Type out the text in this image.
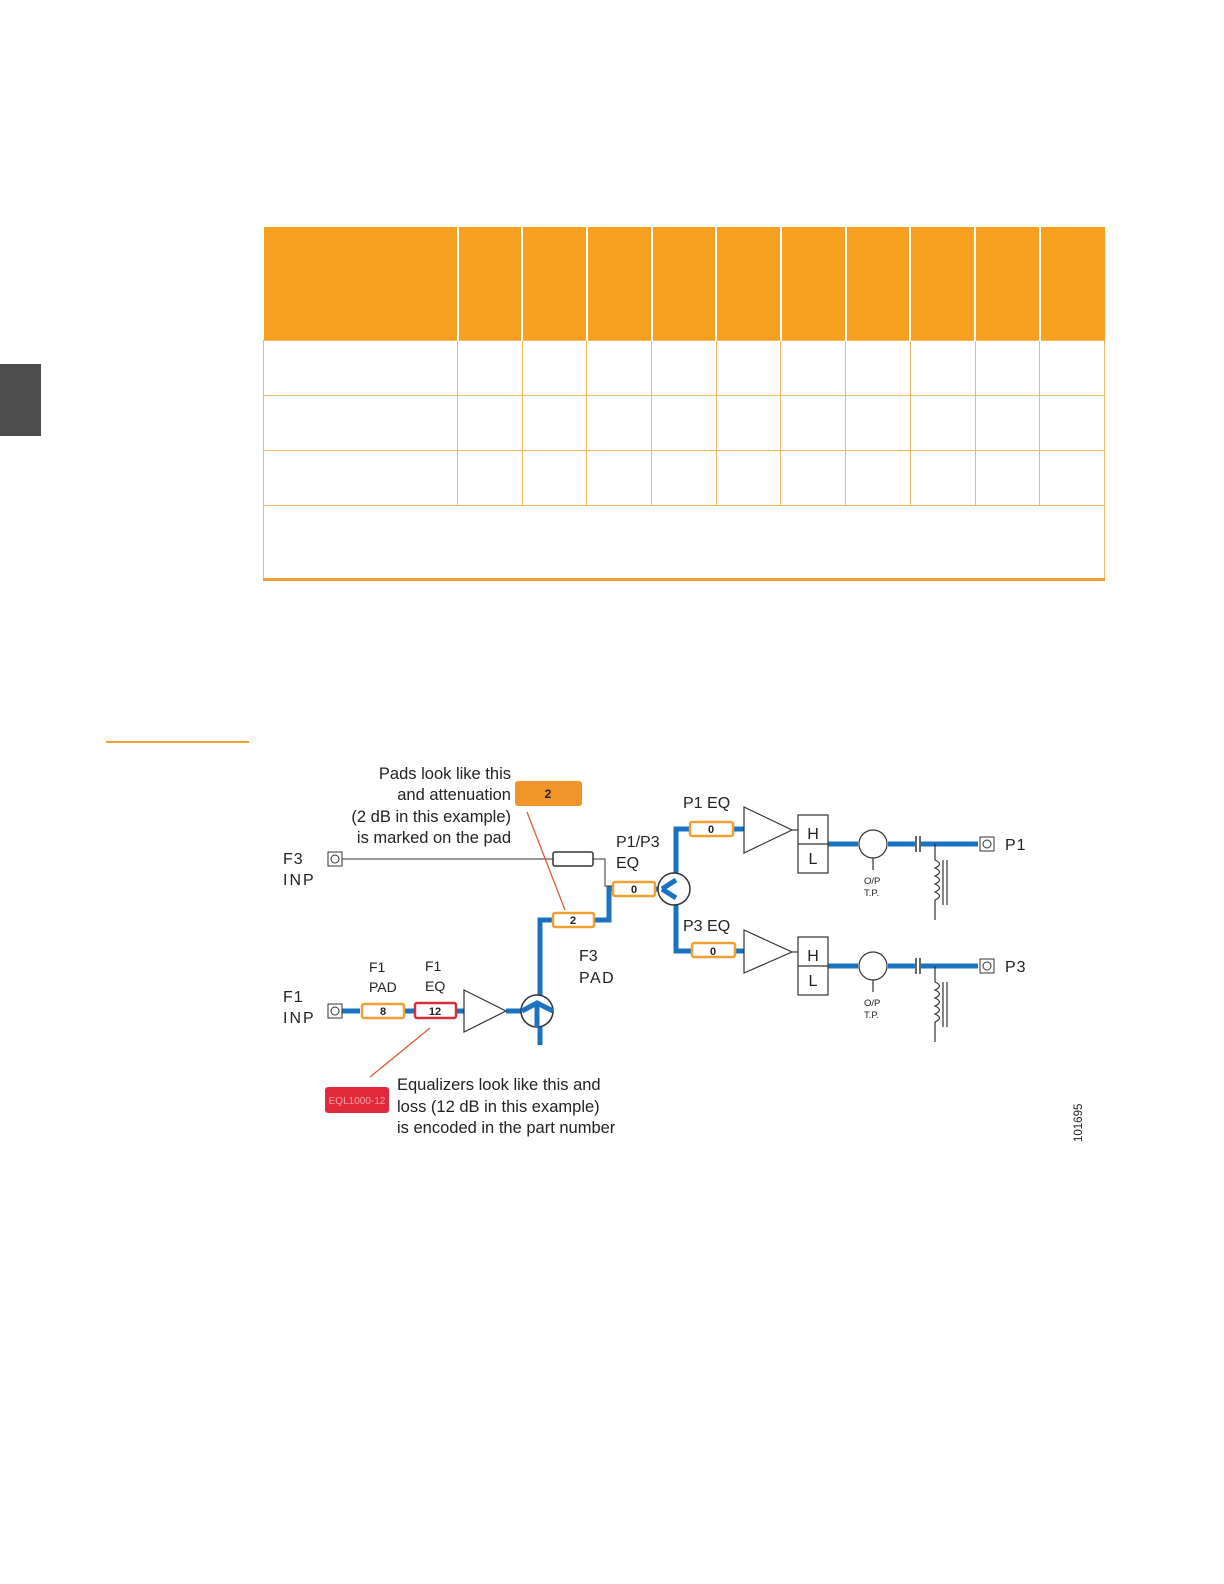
8	12
2
0
0
0
2
EQL1000-12
Pads look like this
and attenuation
(2 dB in this example)
is marked on the pad
Equalizers look like this and
loss (12 dB in this example)
is encoded in the part number
F3
INP
F1
INP
F1
PAD
F1
EQ
F3
PAD
P1/P3
EQ
P1 EQ
P3 EQ
H
L
H
L
O/P
T.P.
O/P
T.P.
P1
P3
101695
